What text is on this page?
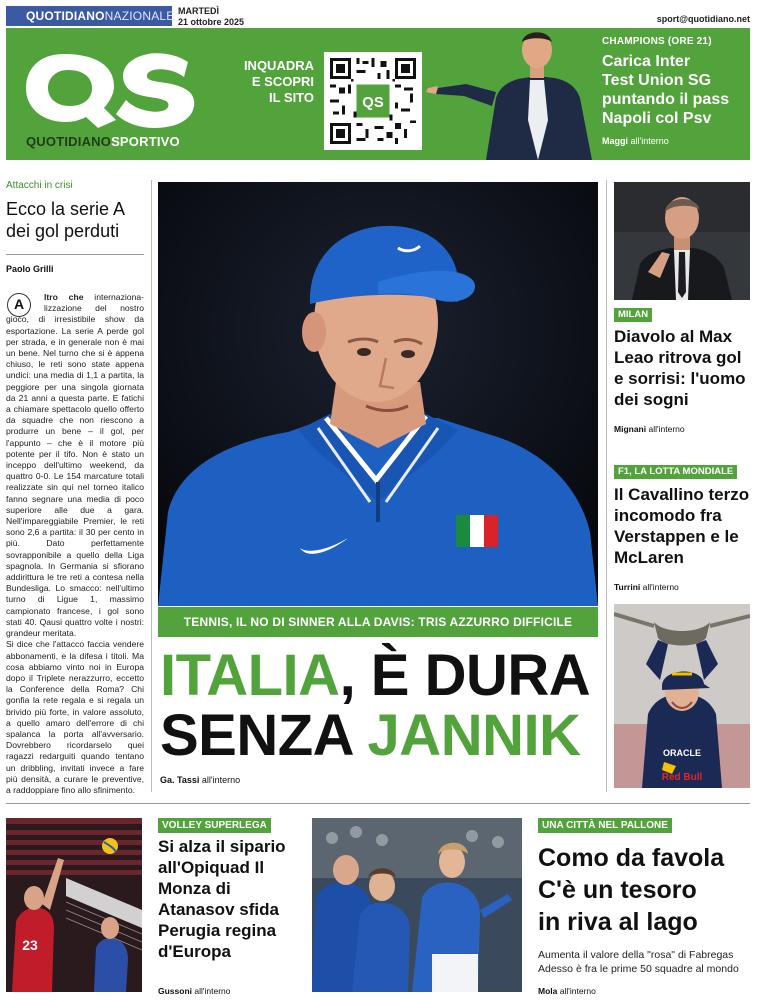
QUOTIDIANONAZIONALE MARTEDÌ
21 ottobre 2025	sport@quotidiano.net
QUOTIDIANOSPORTIVO
INQUADRA
E SCOPRI
IL SITO	QS
CHAMPIONS (ORE 21)
Carica Inter
Test Union SG
puntando il pass
Napoli col Psv
Maggi all'interno
Attacchi in crisi
Ecco la serie A dei gol perduti
Paolo Grilli
ltro che internaziona-lizzazione del nostro gioco, di irresistibile show da esportazione. La serie A perde gol per strada, e in generale non è mai un bene. Nel turno che si è appena chiuso, le reti sono state appena undici: una media di 1,1 a partita, la peggiore per una singola giornata da 21 anni a questa parte. E fatichi a chiamare spettacolo quello offerto da squadre che non riescono a produrre un bene – il gol, per l'appunto – che è il motore più potente per il tifo. Non è stato un inceppo dell'ultimo weekend, da quattro 0-0. Le 154 marcature totali realizzate sin qui nel torneo italico fanno segnare una media di poco superiore alle due a gara. Nell'impareggiabile Premier, le reti sono 2,6 a partita: il 30 per cento in più. Dato perfettamente sovrapponibile a quello della Liga spagnola. In Germania si sfiorano addirittura le tre reti a contesa nella Bundesliga. Lo smacco: nell'ultimo turno di Ligue 1, massimo campionato francese, i gol sono stati 40. Qausi quattro volte i nostri: grandeur meritata.
Si dice che l'attacco faccia vendere abbonamenti, e la difesa i titoli. Ma cosa abbiamo vinto noi in Europa dopo il Triplete nerazzurro, eccetto la Conference della Roma? Chi gonfia la rete regala e si regala un brivido più forte, in valore assoluto, a quello amaro dell'errore di chi spalanca la porta all'avversario. Dovrebbero ricordarselo quei ragazzi redarguiti quando tentano un dribbling, invitati invece a fare più densità, a curare le preventive, a raddoppiare fino allo sfinimento.
A
TENNIS, IL NO DI SINNER ALLA DAVIS: TRIS AZZURRO DIFFICILE
ITALIA, È DURA
SENZA JANNIK
Ga. Tassi all'interno
MILAN
Diavolo al Max Leao ritrova gol e sorrisi: l'uomo dei sogni
Mignani all'interno
F1, LA LOTTA MONDIALE
Il Cavallino terzo incomodo fra Verstappen e le McLaren
Turrini all'interno
ORACLE
Red Bull
23
VOLLEY SUPERLEGA
Si alza il sipario all'Opiquad Il Monza di Atanasov sfida Perugia regina d'Europa
Gussoni all'interno
UNA CITTÀ NEL PALLONE
Como da favola
C'è un tesoro
in riva al lago
Aumenta il valore della "rosa" di Fabregas
Adesso è fra le prime 50 squadre al mondo
Mola all'interno
